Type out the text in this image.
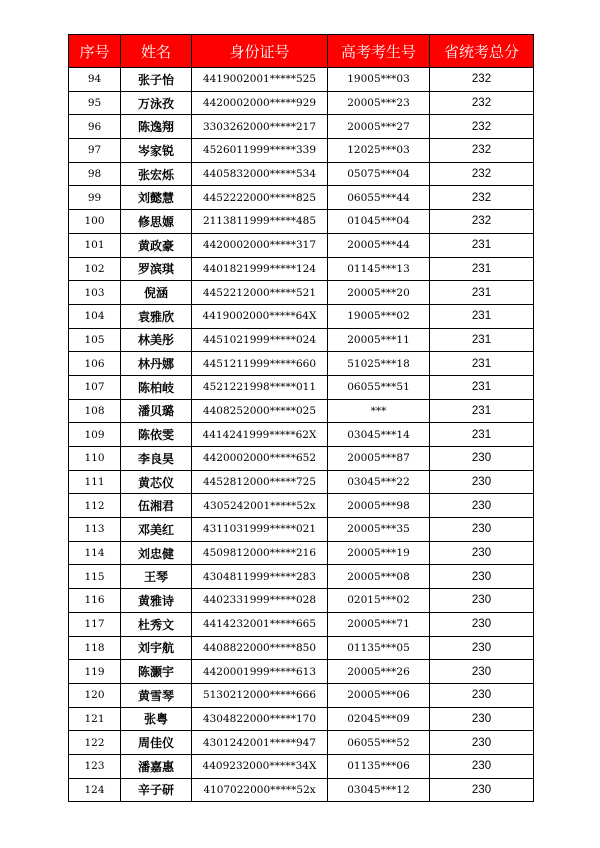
序号	姓名	身份证号	高考考生号	省统考总分
94	张子怡	4419002001*****525	19005***03	232
95	万泳孜	4420002000*****929	20005***23	232
96	陈逸翔	3303262000*****217	20005***27	232
97	岑家锐	4526011999*****339	12025***03	232
98	张宏烁	4405832000*****534	05075***04	232
99	刘懿慧	4452222000*****825	06055***44	232
100	修思嫄	2113811999*****485	01045***04	232
101	黄政豪	4420002000*****317	20005***44	231
102	罗滨琪	4401821999*****124	01145***13	231
103	倪涵	4452212000*****521	20005***20	231
104	袁雅欣	4419002000*****64X	19005***02	231
105	林美彤	4451021999*****024	20005***11	231
106	林丹娜	4451211999*****660	51025***18	231
107	陈柏岐	4521221998*****011	06055***51	231
108	潘贝璐	4408252000*****025	***	231
109	陈依雯	4414241999*****62X	03045***14	231
110	李良昊	4420002000*****652	20005***87	230
111	黄芯仪	4452812000*****725	03045***22	230
112	伍湘君	4305242001*****52x	20005***98	230
113	邓美红	4311031999*****021	20005***35	230
114	刘忠健	4509812000*****216	20005***19	230
115	王琴	4304811999*****283	20005***08	230
116	黄雅诗	4402331999*****028	02015***02	230
117	杜秀文	4414232001*****665	20005***71	230
118	刘宇航	4408822000*****850	01135***05	230
119	陈灏宇	4420001999*****613	20005***26	230
120	黄雪琴	5130212000*****666	20005***06	230
121	张粤	4304822000*****170	02045***09	230
122	周佳仪	4301242001*****947	06055***52	230
123	潘嘉惠	4409232000*****34X	01135***06	230
124	辛子研	4107022000*****52x	03045***12	230
